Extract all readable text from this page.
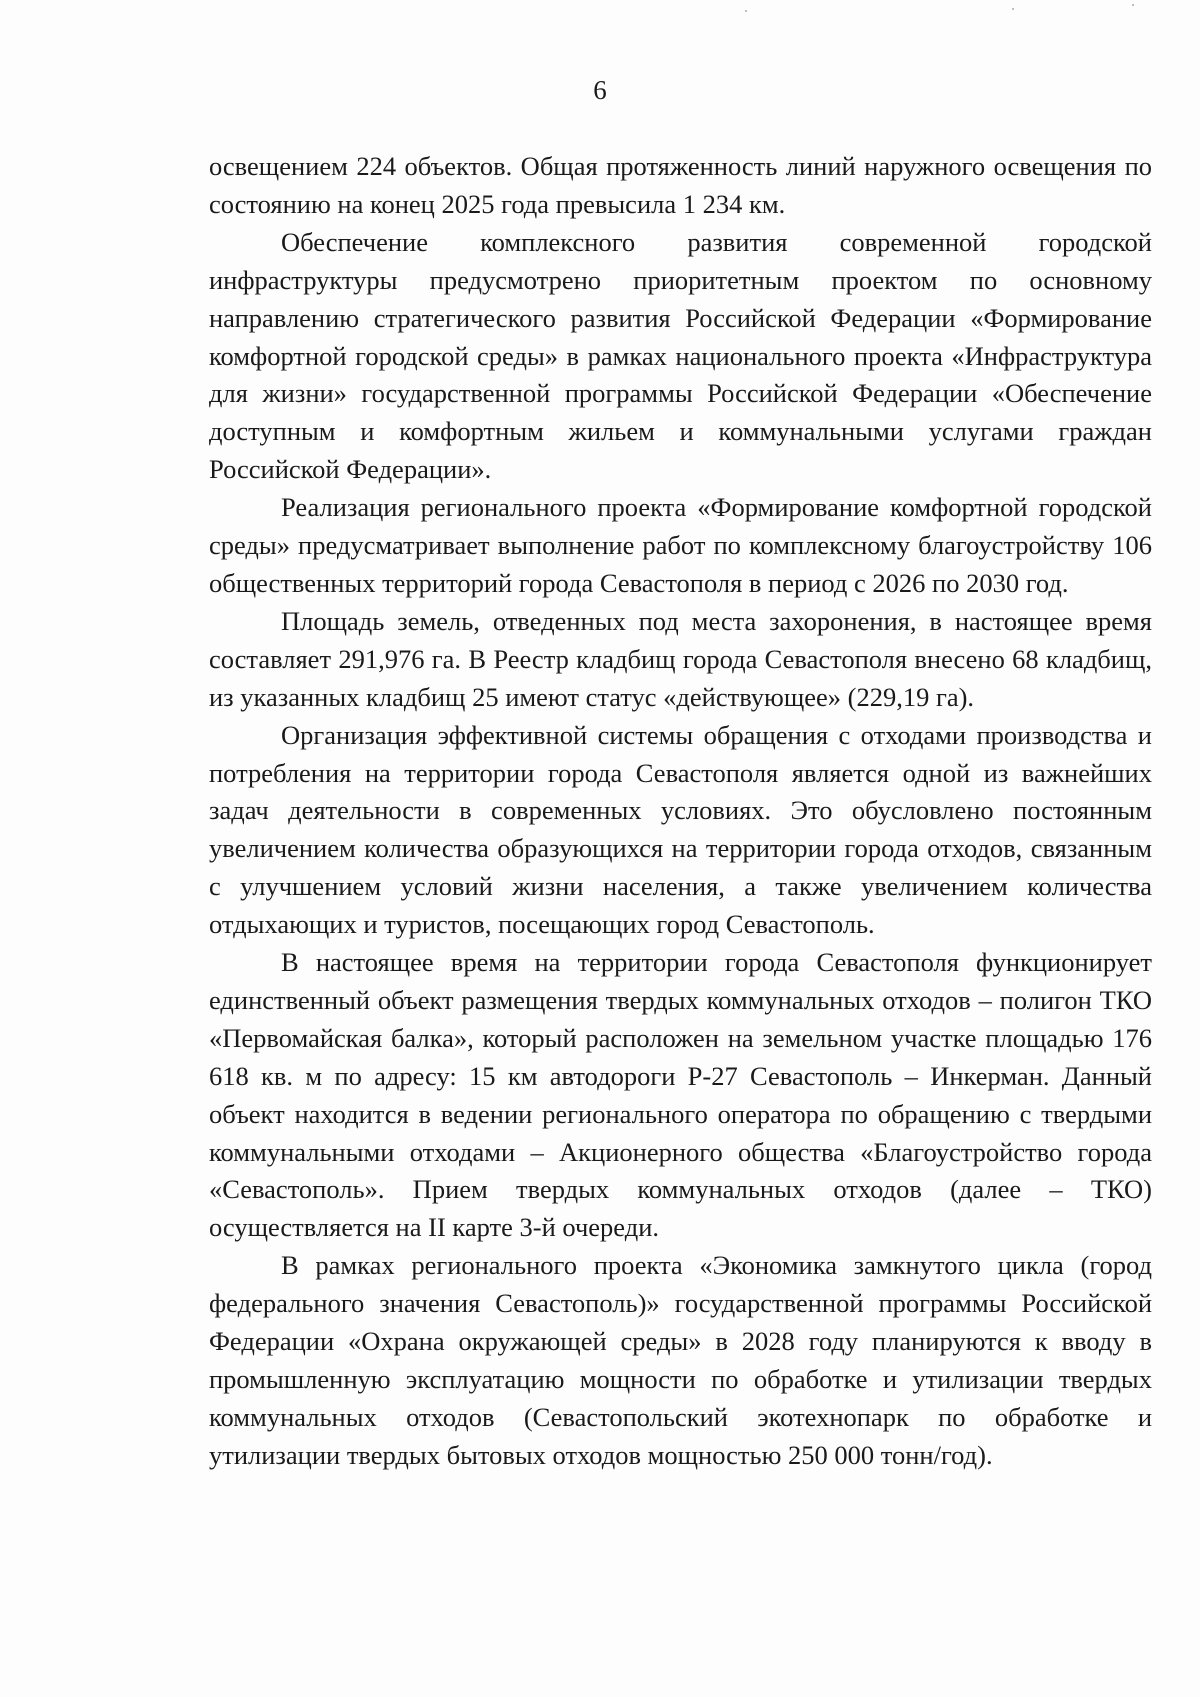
6

освещением 224 объектов. Общая протяженность линий наружного освещения по состоянию на конец 2025 года превысила 1 234 км.

Обеспечение комплексного развития современной городской инфраструктуры предусмотрено приоритетным проектом по основному направлению стратегического развития Российской Федерации «Формирование комфортной городской среды» в рамках национального проекта «Инфраструктура для жизни» государственной программы Российской Федерации «Обеспечение доступным и комфортным жильем и коммунальными услугами граждан Российской Федерации».

Реализация регионального проекта «Формирование комфортной городской среды» предусматривает выполнение работ по комплексному благоустройству 106 общественных территорий города Севастополя в период с 2026 по 2030 год.

Площадь земель, отведенных под места захоронения, в настоящее время составляет 291,976 га. В Реестр кладбищ города Севастополя внесено 68 кладбищ, из указанных кладбищ 25 имеют статус «действующее» (229,19 га).

Организация эффективной системы обращения с отходами производства и потребления на территории города Севастополя является одной из важнейших задач деятельности в современных условиях. Это обусловлено постоянным увеличением количества образующихся на территории города отходов, связанным с улучшением условий жизни населения, а также увеличением количества отдыхающих и туристов, посещающих город Севастополь.

В настоящее время на территории города Севастополя функционирует единственный объект размещения твердых коммунальных отходов – полигон ТКО «Первомайская балка», который расположен на земельном участке площадью 176 618 кв. м по адресу: 15 км автодороги Р-27 Севастополь – Инкерман. Данный объект находится в ведении регионального оператора по обращению с твердыми коммунальными отходами – Акционерного общества «Благоустройство города «Севастополь». Прием твердых коммунальных отходов (далее – ТКО) осуществляется на II карте 3-й очереди.

В рамках регионального проекта «Экономика замкнутого цикла (город федерального значения Севастополь)» государственной программы Российской Федерации «Охрана окружающей среды» в 2028 году планируются к вводу в промышленную эксплуатацию мощности по обработке и утилизации твердых коммунальных отходов (Севастопольский экотехнопарк по обработке и утилизации твердых бытовых отходов мощностью 250 000 тонн/год).
